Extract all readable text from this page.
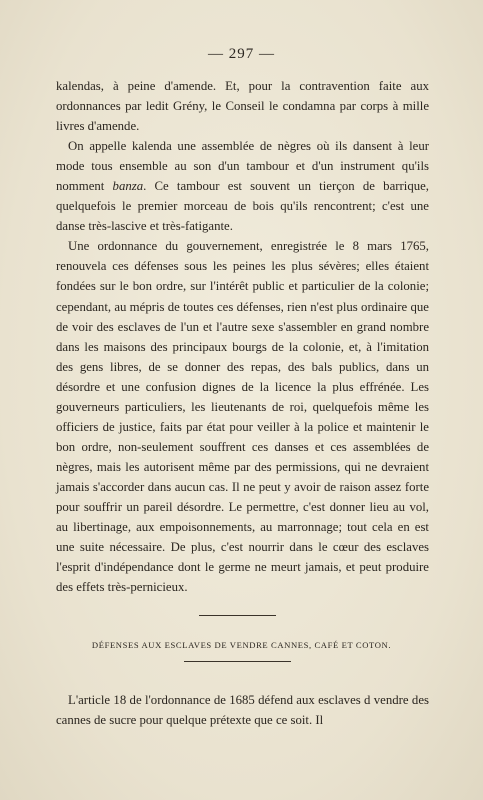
— 297 —

kalendas, à peine d'amende. Et, pour la contravention faite aux ordonnances par ledit Grény, le Conseil le condamna par corps à mille livres d'amende.

On appelle kalenda une assemblée de nègres où ils dansent à leur mode tous ensemble au son d'un tambour et d'un instrument qu'ils nomment banza. Ce tambour est souvent un tierçon de barrique, quelquefois le premier morceau de bois qu'ils rencontrent; c'est une danse très-lascive et très-fatigante.

Une ordonnance du gouvernement, enregistrée le 8 mars 1765, renouvela ces défenses sous les peines les plus sévères; elles étaient fondées sur le bon ordre, sur l'intérêt public et particulier de la colonie; cependant, au mépris de toutes ces défenses, rien n'est plus ordinaire que de voir des esclaves de l'un et l'autre sexe s'assembler en grand nombre dans les maisons des principaux bourgs de la colonie, et, à l'imitation des gens libres, de se donner des repas, des bals publics, dans un désordre et une confusion dignes de la licence la plus effrénée. Les gouverneurs particuliers, les lieutenants de roi, quelquefois même les officiers de justice, faits par état pour veiller à la police et maintenir le bon ordre, non-seulement souffrent ces danses et ces assemblées de nègres, mais les autorisent même par des permissions, qui ne devraient jamais s'accorder dans aucun cas. Il ne peut y avoir de raison assez forte pour souffrir un pareil désordre. Le permettre, c'est donner lieu au vol, au libertinage, aux empoisonnements, au marronnage; tout cela en est une suite nécessaire. De plus, c'est nourrir dans le cœur des esclaves l'esprit d'indépendance dont le germe ne meurt jamais, et peut produire des effets très-pernicieux.

DÉFENSES AUX ESCLAVES DE VENDRE CANNES, CAFÉ ET COTON.

L'article 18 de l'ordonnance de 1685 défend aux esclaves d vendre des cannes de sucre pour quelque prétexte que ce soit. Il
